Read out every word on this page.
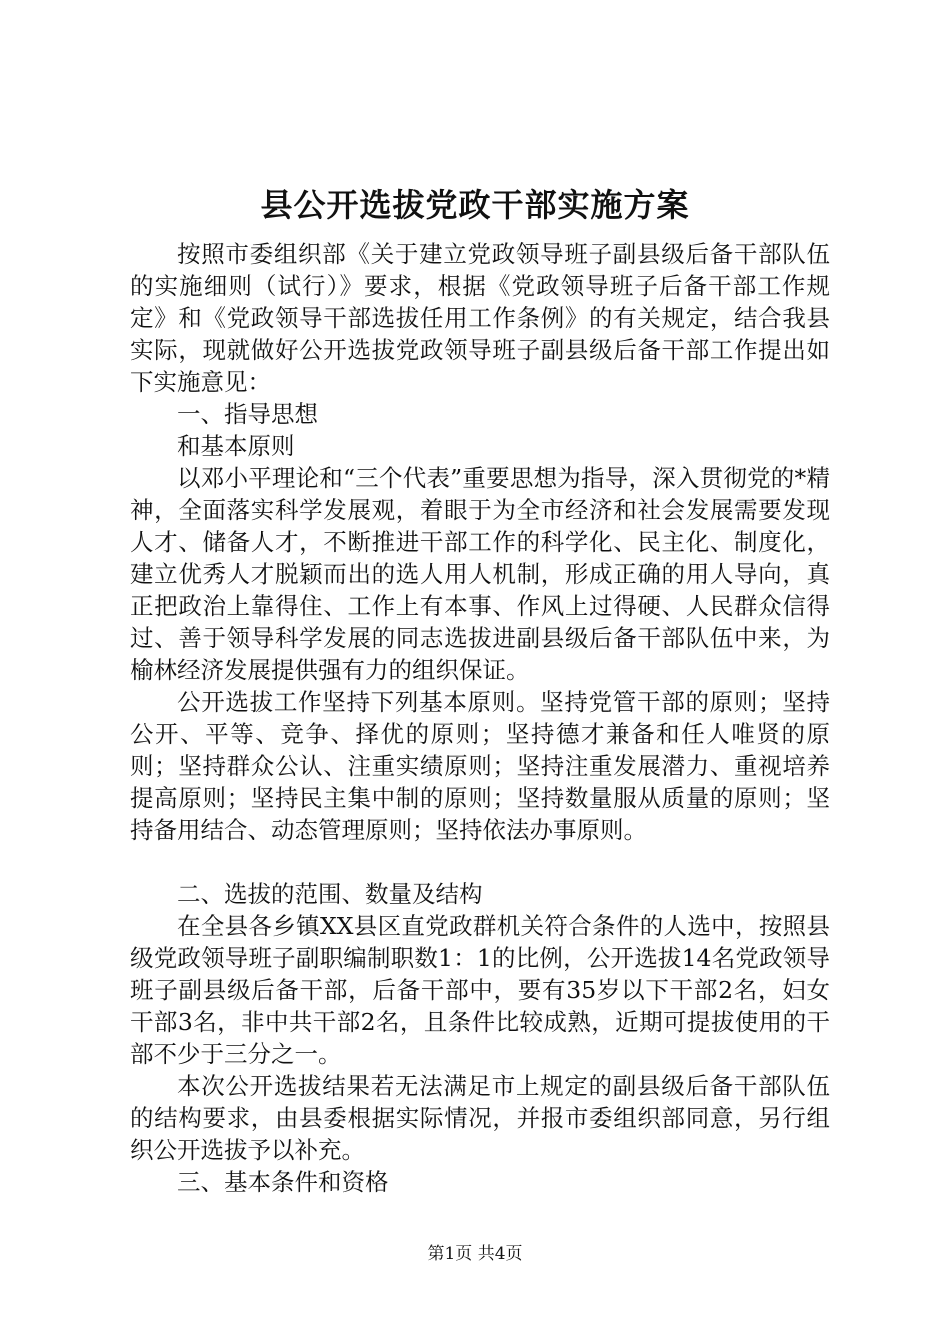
县公开选拔党政干部实施方案

按照市委组织部《关于建立党政领导班子副县级后备干部队伍的实施细则（试行）》要求，根据《党政领导班子后备干部工作规定》和《党政领导干部选拔任用工作条例》的有关规定，结合我县实际，现就做好公开选拔党政领导班子副县级后备干部工作提出如下实施意见：

一、指导思想

和基本原则

以邓小平理论和“三个代表”重要思想为指导，深入贯彻党的*精神，全面落实科学发展观，着眼于为全市经济和社会发展需要发现人才、储备人才，不断推进干部工作的科学化、民主化、制度化，建立优秀人才脱颖而出的选人用人机制，形成正确的用人导向，真正把政治上靠得住、工作上有本事、作风上过得硬、人民群众信得过、善于领导科学发展的同志选拔进副县级后备干部队伍中来，为榆林经济发展提供强有力的组织保证。

公开选拔工作坚持下列基本原则。坚持党管干部的原则；坚持公开、平等、竞争、择优的原则；坚持德才兼备和任人唯贤的原则；坚持群众公认、注重实绩原则；坚持注重发展潜力、重视培养提高原则；坚持民主集中制的原则；坚持数量服从质量的原则；坚持备用结合、动态管理原则；坚持依法办事原则。

二、选拔的范围、数量及结构

在全县各乡镇XX县区直党政群机关符合条件的人选中，按照县级党政领导班子副职编制职数1：1的比例，公开选拔14名党政领导班子副县级后备干部，后备干部中，要有35岁以下干部2名，妇女干部3名，非中共干部2名，且条件比较成熟，近期可提拔使用的干部不少于三分之一。

本次公开选拔结果若无法满足市上规定的副县级后备干部队伍的结构要求，由县委根据实际情况，并报市委组织部同意，另行组织公开选拔予以补充。

三、基本条件和资格

第1页 共4页
